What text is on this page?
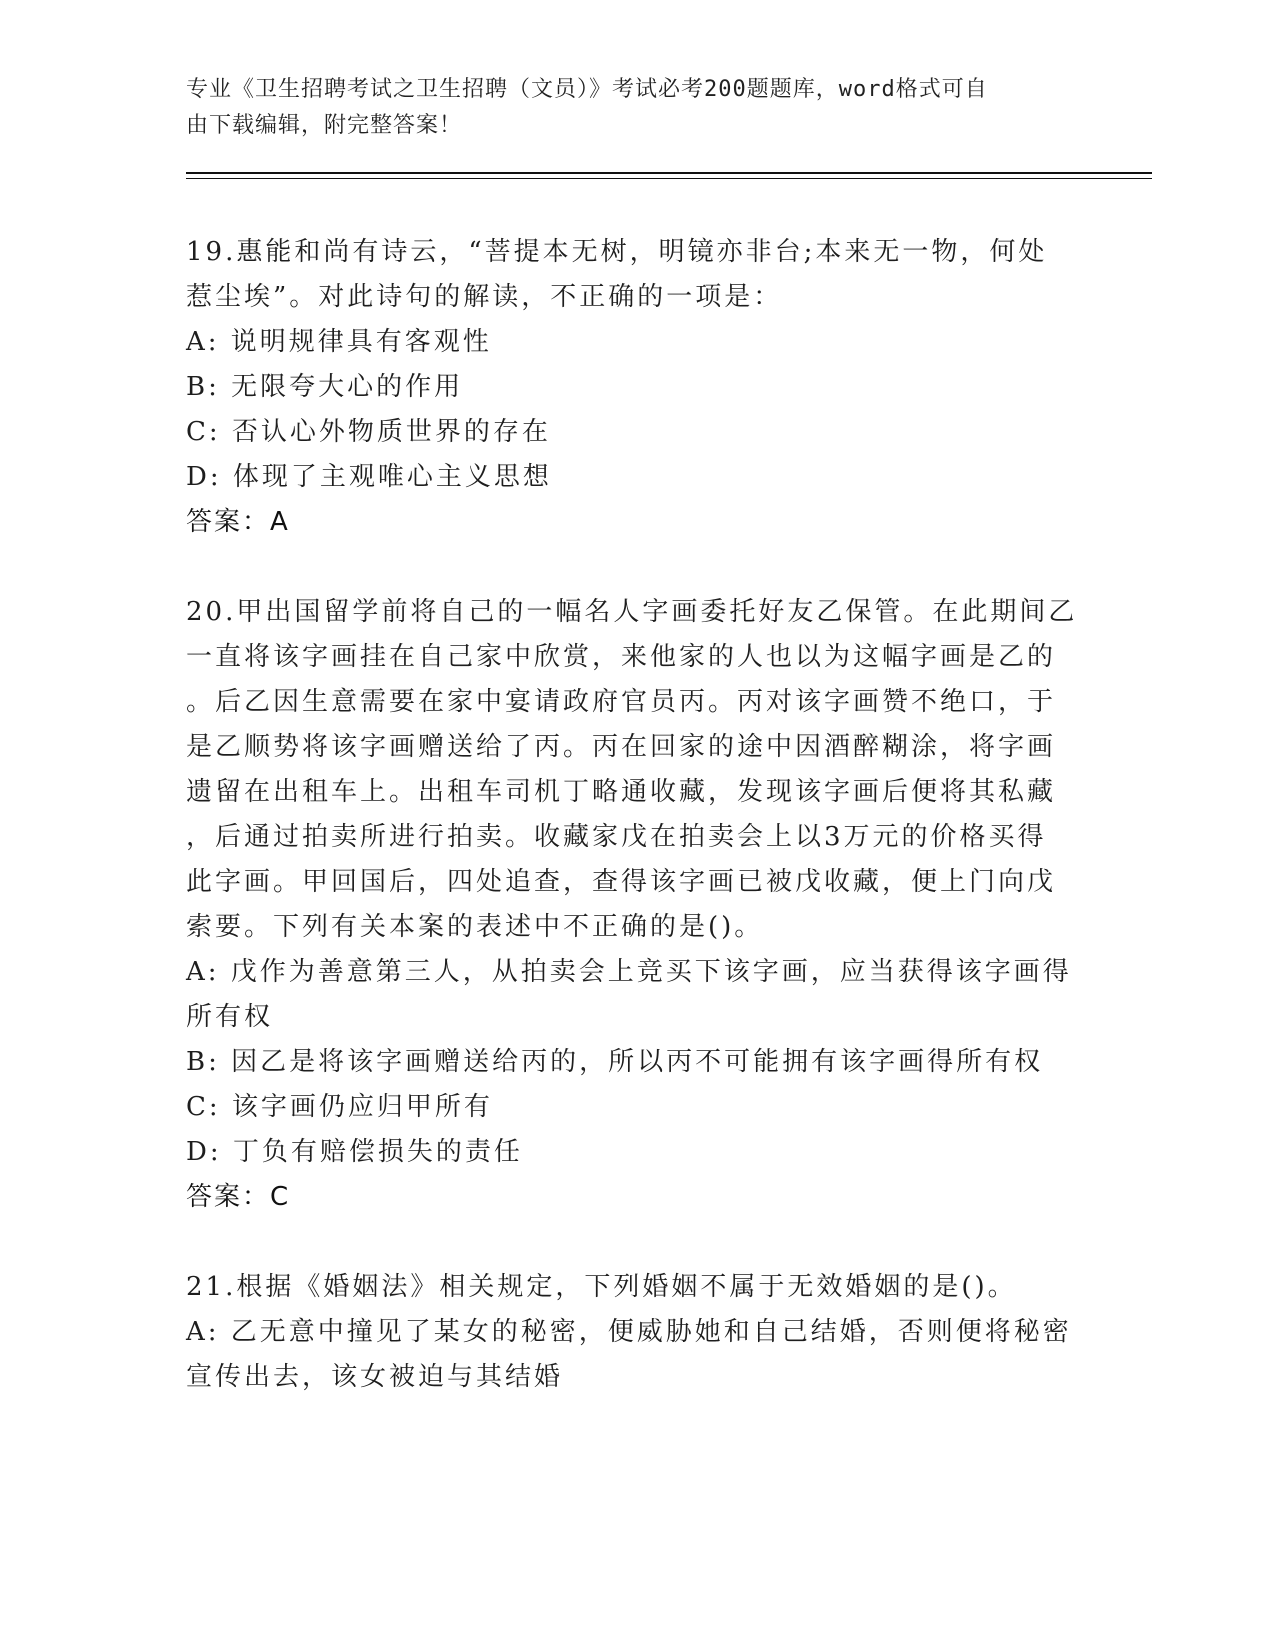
专业《卫生招聘考试之卫生招聘（文员）》考试必考200题题库，word格式可自
由下载编辑，附完整答案！

19.惠能和尚有诗云，“菩提本无树，明镜亦非台;本来无一物，何处

惹尘埃”。对此诗句的解读，不正确的一项是：

A: 说明规律具有客观性

B: 无限夸大心的作用

C: 否认心外物质世界的存在

D: 体现了主观唯心主义思想

答案：A

20.甲出国留学前将自己的一幅名人字画委托好友乙保管。在此期间乙

一直将该字画挂在自己家中欣赏，来他家的人也以为这幅字画是乙的

。后乙因生意需要在家中宴请政府官员丙。丙对该字画赞不绝口，于

是乙顺势将该字画赠送给了丙。丙在回家的途中因酒醉糊涂，将字画

遗留在出租车上。出租车司机丁略通收藏，发现该字画后便将其私藏

，后通过拍卖所进行拍卖。收藏家戊在拍卖会上以3万元的价格买得

此字画。甲回国后，四处追查，查得该字画已被戊收藏，便上门向戊

索要。下列有关本案的表述中不正确的是()。

A: 戊作为善意第三人，从拍卖会上竞买下该字画，应当获得该字画得

所有权

B: 因乙是将该字画赠送给丙的，所以丙不可能拥有该字画得所有权

C: 该字画仍应归甲所有

D: 丁负有赔偿损失的责任

答案：C

21.根据《婚姻法》相关规定，下列婚姻不属于无效婚姻的是()。

A: 乙无意中撞见了某女的秘密，便威胁她和自己结婚，否则便将秘密

宣传出去，该女被迫与其结婚
